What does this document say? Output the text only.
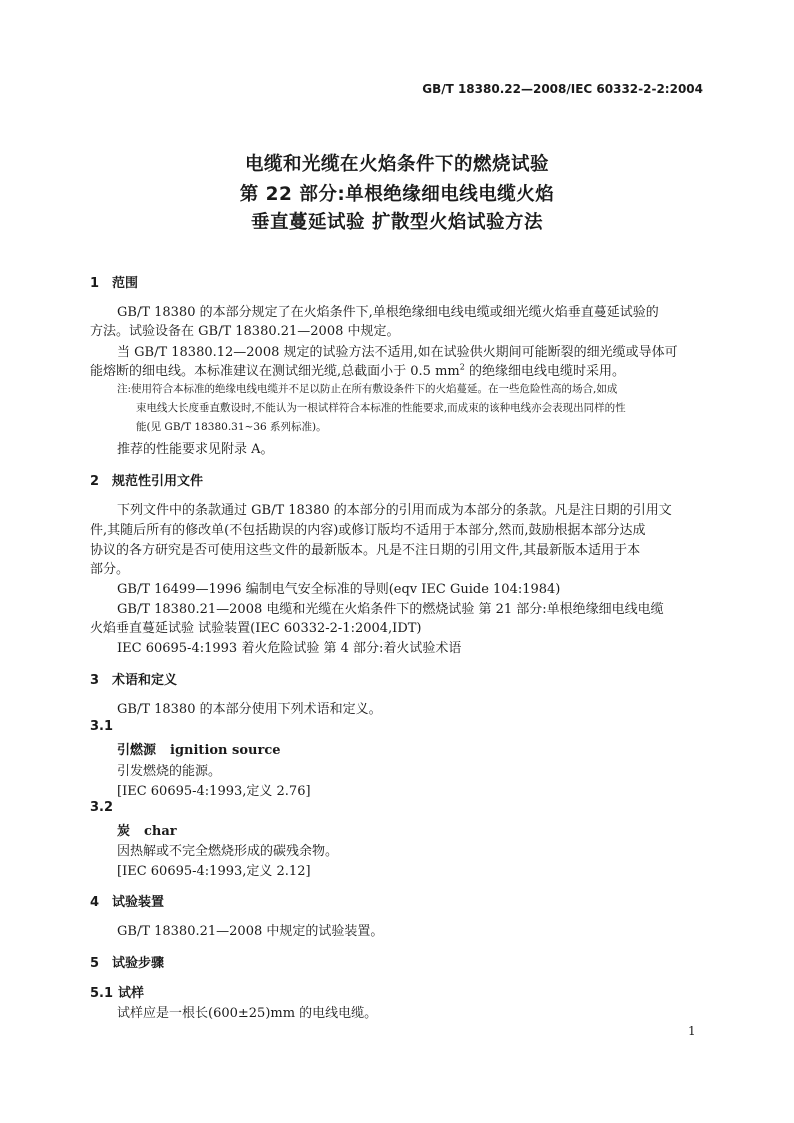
GB/T 18380.22—2008/IEC 60332-2-2:2004
电缆和光缆在火焰条件下的燃烧试验
第 22 部分:单根绝缘细电线电缆火焰
垂直蔓延试验 扩散型火焰试验方法
1 范围
GB/T 18380 的本部分规定了在火焰条件下,单根绝缘细电线电缆或细光缆火焰垂直蔓延试验的
方法。试验设备在 GB/T 18380.21—2008 中规定。
当 GB/T 18380.12—2008 规定的试验方法不适用,如在试验供火期间可能断裂的细光缆或导体可
能熔断的细电线。本标准建议在测试细光缆,总截面小于 0.5 $mm^2$ 的绝缘细电线电缆时采用。
注:使用符合本标准的绝缘电线电缆并不足以防止在所有敷设条件下的火焰蔓延。在一些危险性高的场合,如成
束电线大长度垂直敷设时,不能认为一根试样符合本标准的性能要求,而成束的该种电线亦会表现出同样的性
能(见 GB/T 18380.31~36 系列标准)。
推荐的性能要求见附录 A。
2 规范性引用文件
下列文件中的条款通过 GB/T 18380 的本部分的引用而成为本部分的条款。凡是注日期的引用文
件,其随后所有的修改单(不包括勘误的内容)或修订版均不适用于本部分,然而,鼓励根据本部分达成
协议的各方研究是否可使用这些文件的最新版本。凡是不注日期的引用文件,其最新版本适用于本
部分。
GB/T 16499—1996 编制电气安全标准的导则(eqv IEC Guide 104:1984)
GB/T 18380.21—2008 电缆和光缆在火焰条件下的燃烧试验 第 21 部分:单根绝缘细电线电缆
火焰垂直蔓延试验 试验装置(IEC 60332-2-1:2004,IDT)
IEC 60695-4:1993 着火危险试验 第 4 部分:着火试验术语
3 术语和定义
GB/T 18380 的本部分使用下列术语和定义。
3.1
引燃源 ignition source
引发燃烧的能源。
[IEC 60695-4:1993,定义 2.76]
3.2
炭 char
因热解或不完全燃烧形成的碳残余物。
[IEC 60695-4:1993,定义 2.12]
4 试验装置
GB/T 18380.21—2008 中规定的试验装置。
5 试验步骤
5.1 试样
试样应是一根长(600±25)mm 的电线电缆。
1
